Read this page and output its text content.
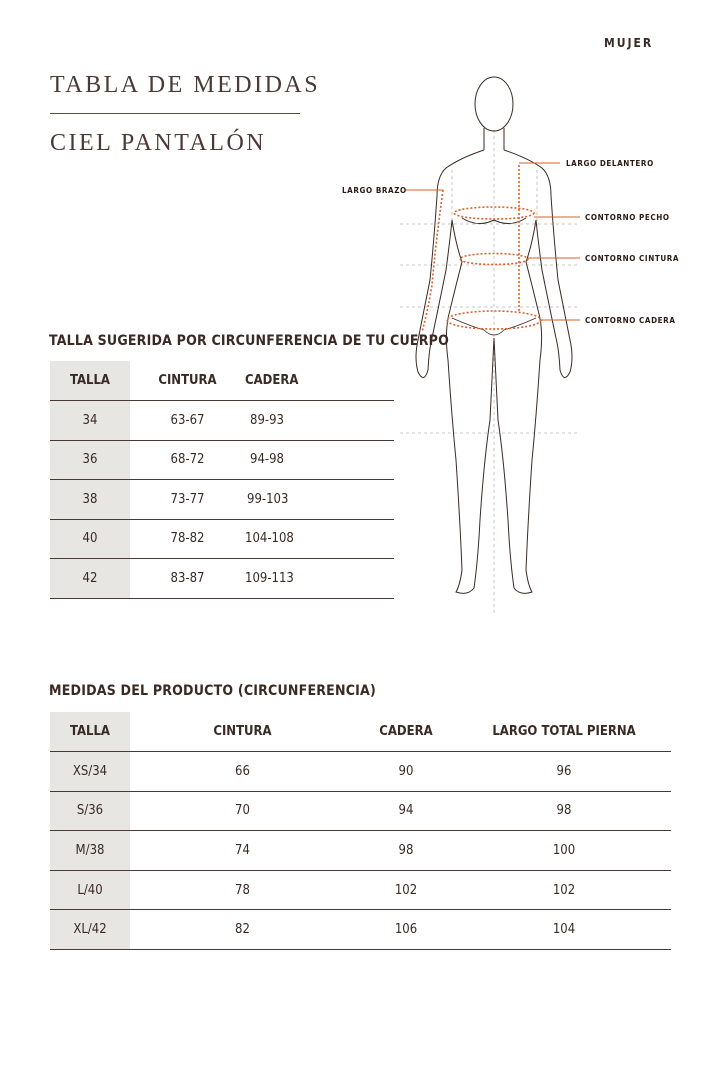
MUJER
TABLA DE MEDIDAS
CIEL PANTALÓN
LARGO DELANTERO
LARGO BRAZO
CONTORNO PECHO
CONTORNO CINTURA
CONTORNO CADERA
TALLA SUGERIDA POR CIRCUNFERENCIA DE TU CUERPO
TALLA	CINTURA	CADERA	
34	63-67	89-93	
36	68-72	94-98	
38	73-77	99-103	
40	78-82	104-108	
42	83-87	109-113	
MEDIDAS DEL PRODUCTO (CIRCUNFERENCIA)
TALLA	CINTURA	CADERA	LARGO TOTAL PIERNA
XS/34	66	90	96
S/36	70	94	98
M/38	74	98	100
L/40	78	102	102
XL/42	82	106	104
